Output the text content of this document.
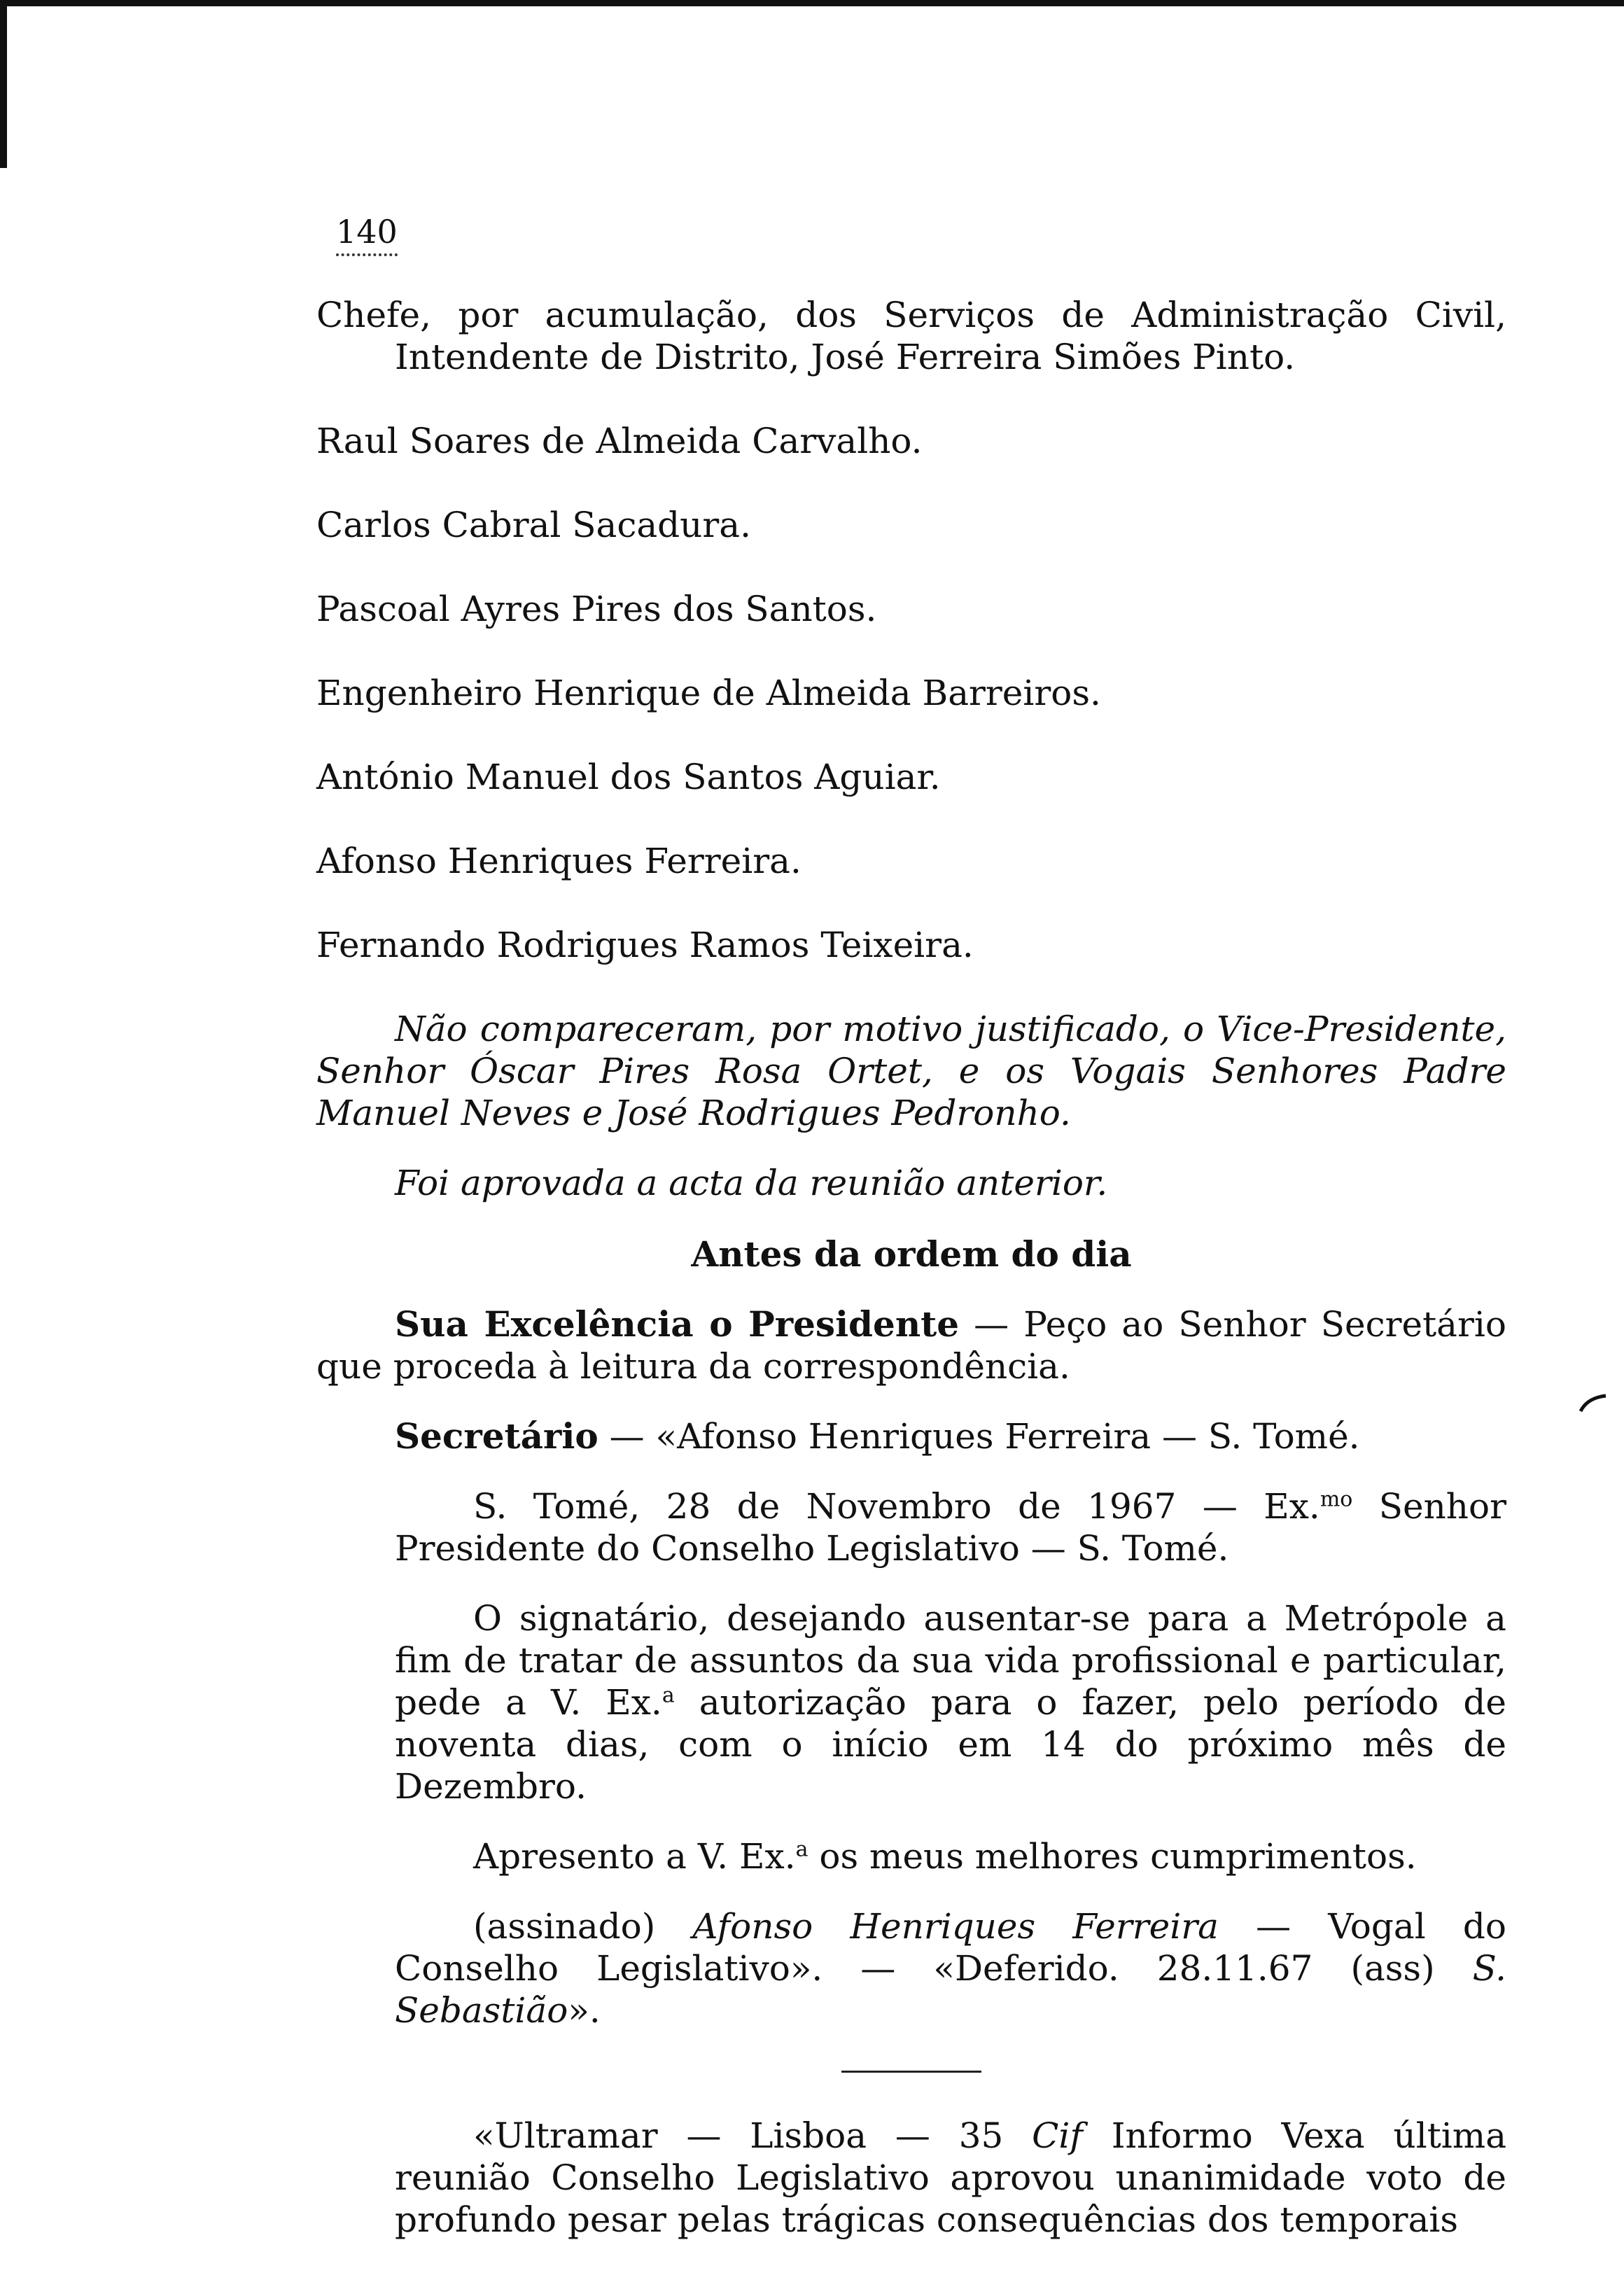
140

Chefe, por acumulação, dos Serviços de Administração Civil, Intendente de Distrito, José Ferreira Simões Pinto.

Raul Soares de Almeida Carvalho.

Carlos Cabral Sacadura.

Pascoal Ayres Pires dos Santos.

Engenheiro Henrique de Almeida Barreiros.

António Manuel dos Santos Aguiar.

Afonso Henriques Ferreira.

Fernando Rodrigues Ramos Teixeira.

Não compareceram, por motivo justificado, o Vice-Presidente, Senhor Óscar Pires Rosa Ortet, e os Vogais Senhores Padre Manuel Neves e José Rodrigues Pedronho.

Foi aprovada a acta da reunião anterior.

Antes da ordem do dia

Sua Excelência o Presidente — Peço ao Senhor Secretário que proceda à leitura da correspondência.

Secretário — «Afonso Henriques Ferreira — S. Tomé.

S. Tomé, 28 de Novembro de 1967 — Ex.$^{mo}$ Senhor Presidente do Conselho Legislativo — S. Tomé.

O signatário, desejando ausentar-se para a Metrópole a fim de tratar de assuntos da sua vida profissional e particular, pede a V. Ex.$^a$ autorização para o fazer, pelo período de noventa dias, com o início em 14 do próximo mês de Dezembro.

Apresento a V. Ex.$^a$ os meus melhores cumprimentos.

(assinado) Afonso Henriques Ferreira — Vogal do Conselho Legislativo». — «Deferido. 28.11.67 (ass) S. Sebastião».

«Ultramar — Lisboa — 35 Cif Informo Vexa última reunião Conselho Legislativo aprovou unanimidade voto de profundo pesar pelas trágicas consequências dos temporais
